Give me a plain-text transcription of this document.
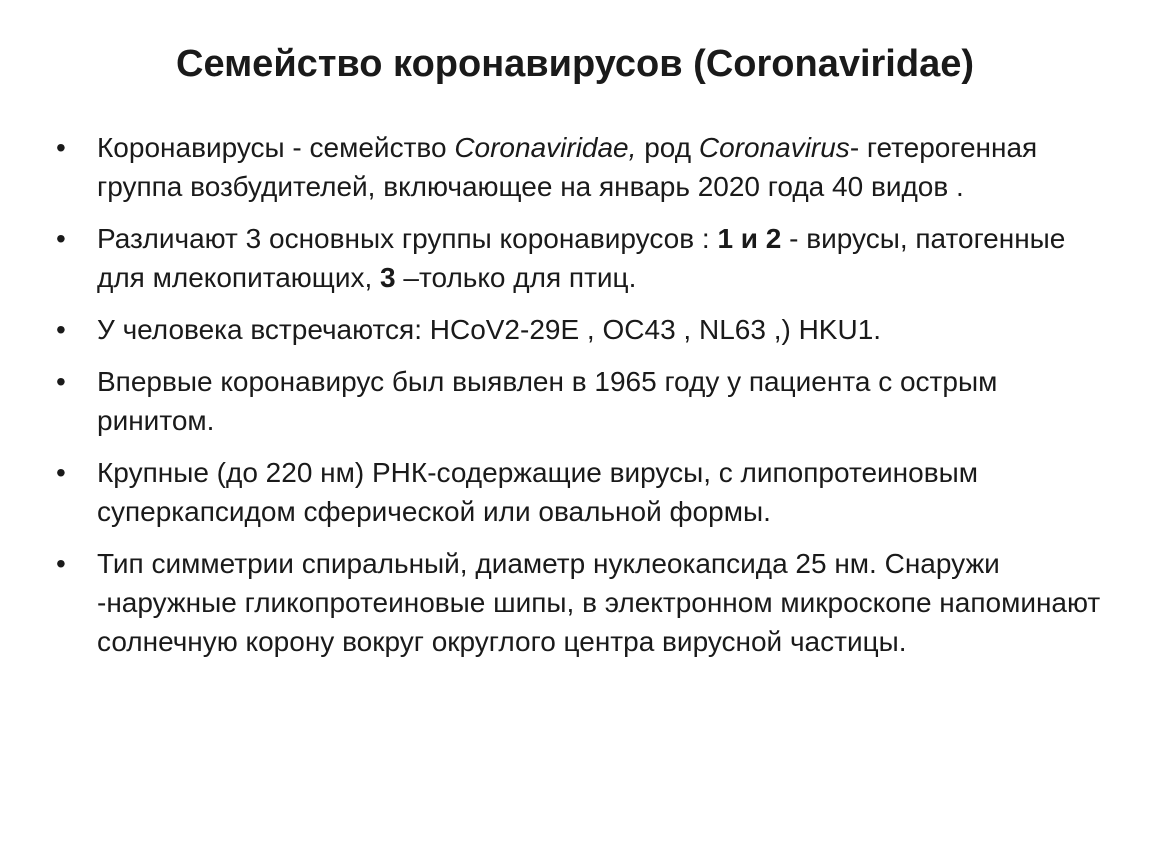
Семейство коронавирусов (Coronaviridae)
•	Коронавирусы - семейство Coronaviridae, род Coronavirus- гетерогенная группа возбудителей, включающее на январь 2020 года 40 видов .
•	Различают 3 основных группы коронавирусов : 1 и 2 - вирусы, патогенные для млекопитающих, 3 –только для птиц.
•	У человека встречаются: HCoV2-29E , OC43 , NL63 ,) HKU1.
•	Впервые коронавирус был выявлен в 1965 году у пациента с острым ринитом.
•	Крупные (до 220 нм) РНК-содержащие вирусы, с липопротеиновым суперкапсидом сферической или овальной формы.
•	Тип симметрии спиральный, диаметр нуклеокапсида 25 нм. Снаружи -наружные гликопротеиновые шипы, в электронном микроскопе напоминают солнечную корону вокруг округлого центра вирусной частицы.
